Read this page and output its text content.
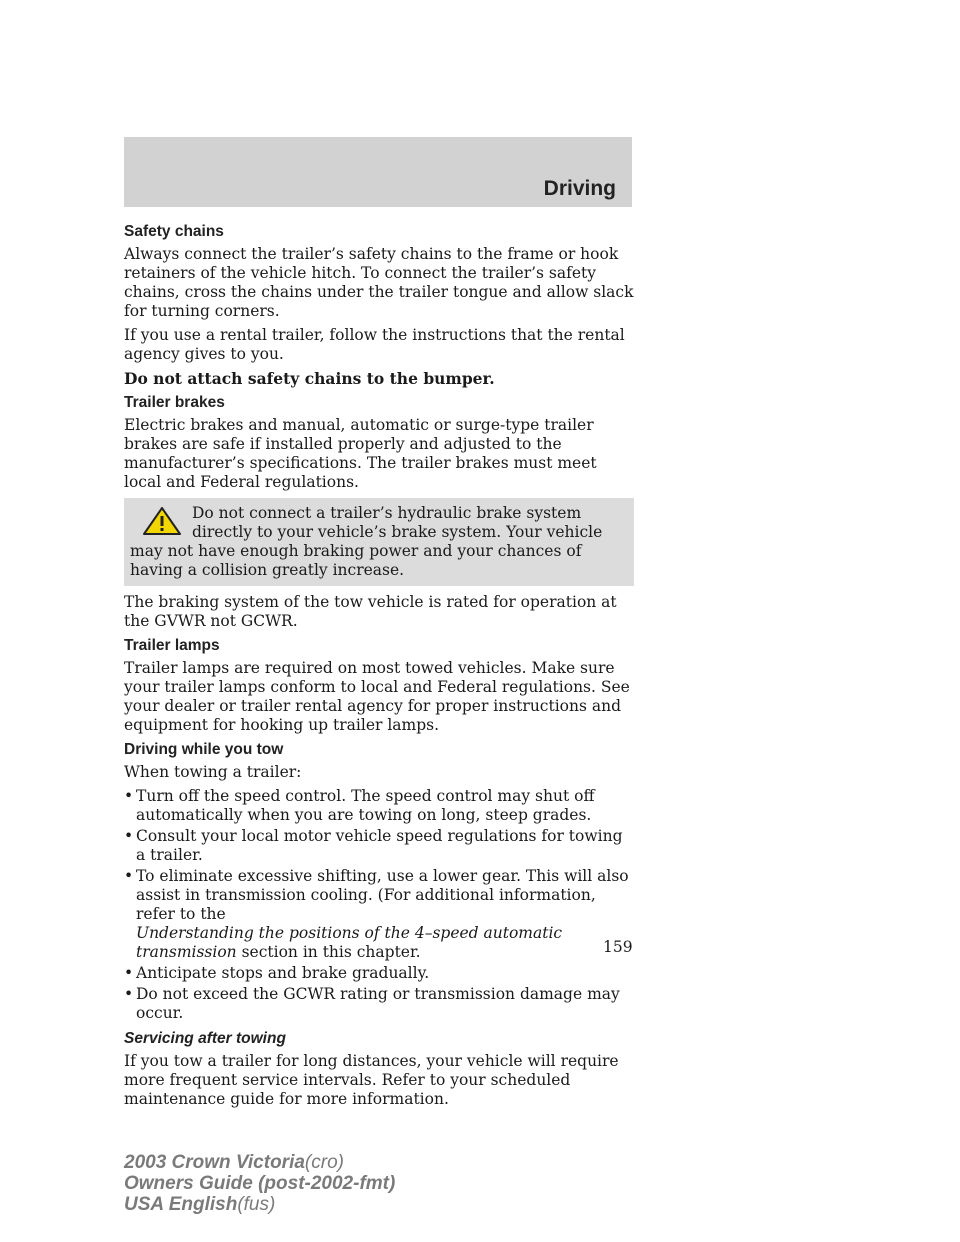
Driving
Safety chains

Always connect the trailer’s safety chains to the frame or hook retainers of the vehicle hitch. To connect the trailer’s safety chains, cross the chains under the trailer tongue and allow slack for turning corners.

If you use a rental trailer, follow the instructions that the rental agency gives to you.

Do not attach safety chains to the bumper.

Trailer brakes

Electric brakes and manual, automatic or surge-type trailer brakes are safe if installed properly and adjusted to the manufacturer’s specifications. The trailer brakes must meet local and Federal regulations.

Do not connect a trailer’s hydraulic brake system directly to your vehicle’s brake system. Your vehicle may not have enough braking power and your chances of having a collision greatly increase.

The braking system of the tow vehicle is rated for operation at the GVWR not GCWR.

Trailer lamps

Trailer lamps are required on most towed vehicles. Make sure your trailer lamps conform to local and Federal regulations. See your dealer or trailer rental agency for proper instructions and equipment for hooking up trailer lamps.

Driving while you tow

When towing a trailer:

• Turn off the speed control. The speed control may shut off automatically when you are towing on long, steep grades.
• Consult your local motor vehicle speed regulations for towing a trailer.
• To eliminate excessive shifting, use a lower gear. This will also assist in transmission cooling. (For additional information, refer to the
Understanding the positions of the 4–speed automatic transmission section in this chapter.
• Anticipate stops and brake gradually.
• Do not exceed the GCWR rating or transmission damage may occur.
Servicing after towing

If you tow a trailer for long distances, your vehicle will require more frequent service intervals. Refer to your scheduled maintenance guide for more information.

159
2003 Crown Victoria(cro)
Owners Guide (post-2002-fmt)
USA English(fus)
